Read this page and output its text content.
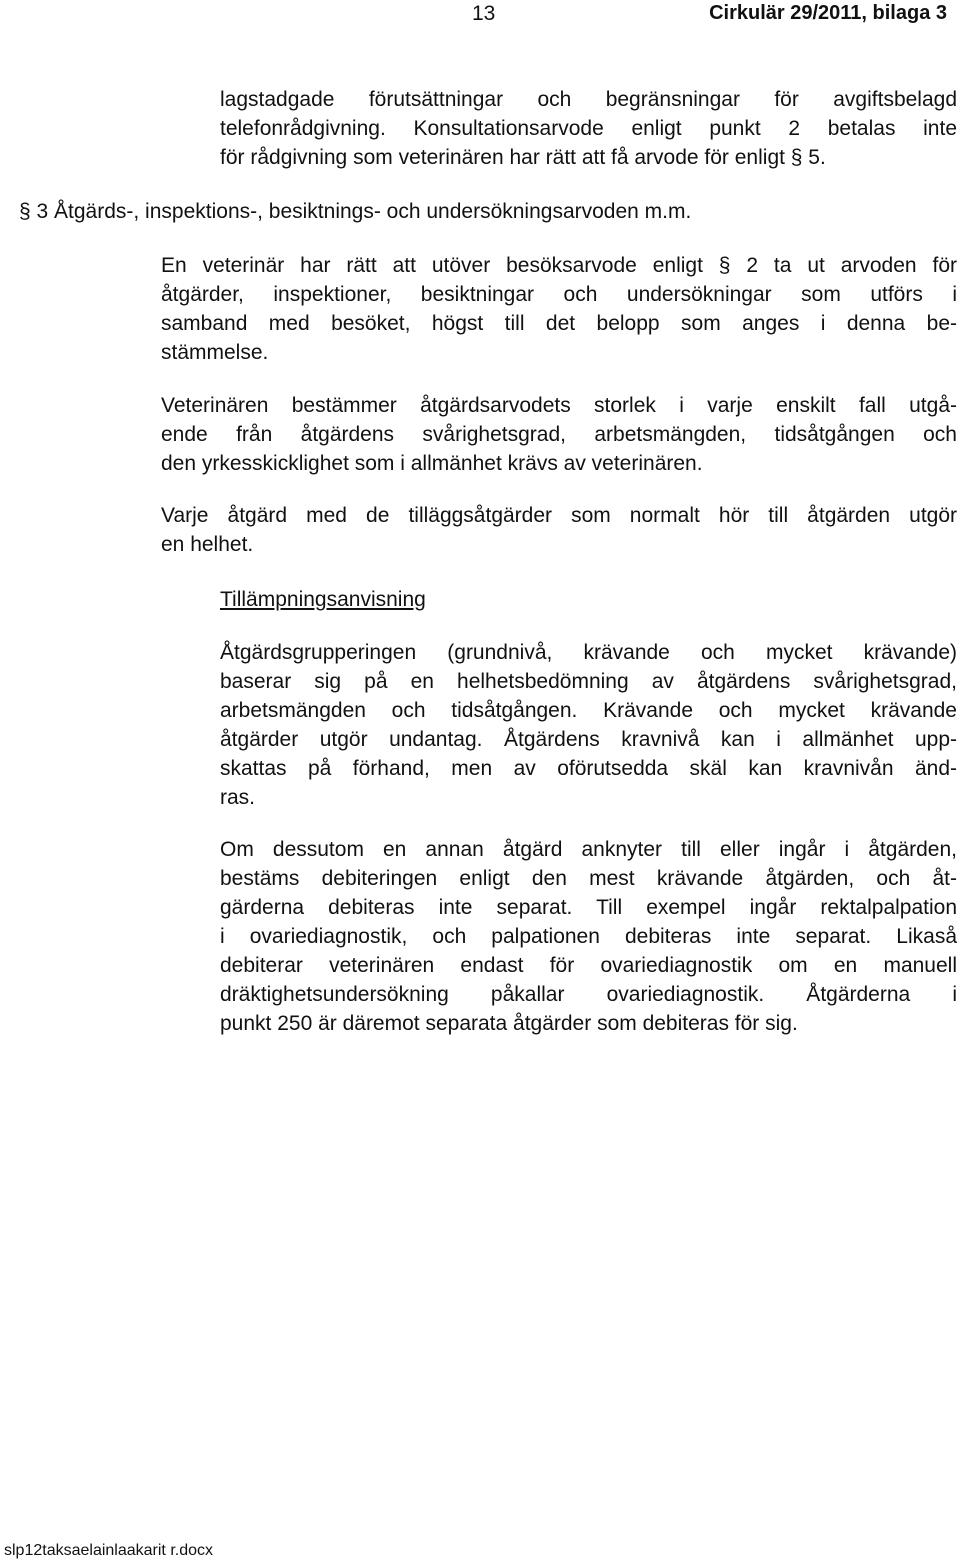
13	Cirkulär 29/2011, bilaga 3
lagstadgade förutsättningar och begränsningar för avgiftsbelagd
telefonrådgivning. Konsultationsarvode enligt punkt 2 betalas inte
för rådgivning som veterinären har rätt att få arvode för enligt § 5.
§ 3 Åtgärds-, inspektions-, besiktnings- och undersökningsarvoden m.m.
En veterinär har rätt att utöver besöksarvode enligt § 2 ta ut arvoden för
åtgärder, inspektioner, besiktningar och undersökningar som utförs i
samband med besöket, högst till det belopp som anges i denna be-
stämmelse.
Veterinären bestämmer åtgärdsarvodets storlek i varje enskilt fall utgå-
ende från åtgärdens svårighetsgrad, arbetsmängden, tidsåtgången och
den yrkesskicklighet som i allmänhet krävs av veterinären.
Varje åtgärd med de tilläggsåtgärder som normalt hör till åtgärden utgör
en helhet.
Tillämpningsanvisning
Åtgärdsgrupperingen (grundnivå, krävande och mycket krävande)
baserar sig på en helhetsbedömning av åtgärdens svårighetsgrad,
arbetsmängden och tidsåtgången. Krävande och mycket krävande
åtgärder utgör undantag. Åtgärdens kravnivå kan i allmänhet upp-
skattas på förhand, men av oförutsedda skäl kan kravnivån änd-
ras.
Om dessutom en annan åtgärd anknyter till eller ingår i åtgärden,
bestäms debiteringen enligt den mest krävande åtgärden, och åt-
gärderna debiteras inte separat. Till exempel ingår rektalpalpation
i ovariediagnostik, och palpationen debiteras inte separat. Likaså
debiterar veterinären endast för ovariediagnostik om en manuell
dräktighetsundersökning påkallar ovariediagnostik. Åtgärderna i
punkt 250 är däremot separata åtgärder som debiteras för sig.
slp12taksaelainlaakarit r.docx
